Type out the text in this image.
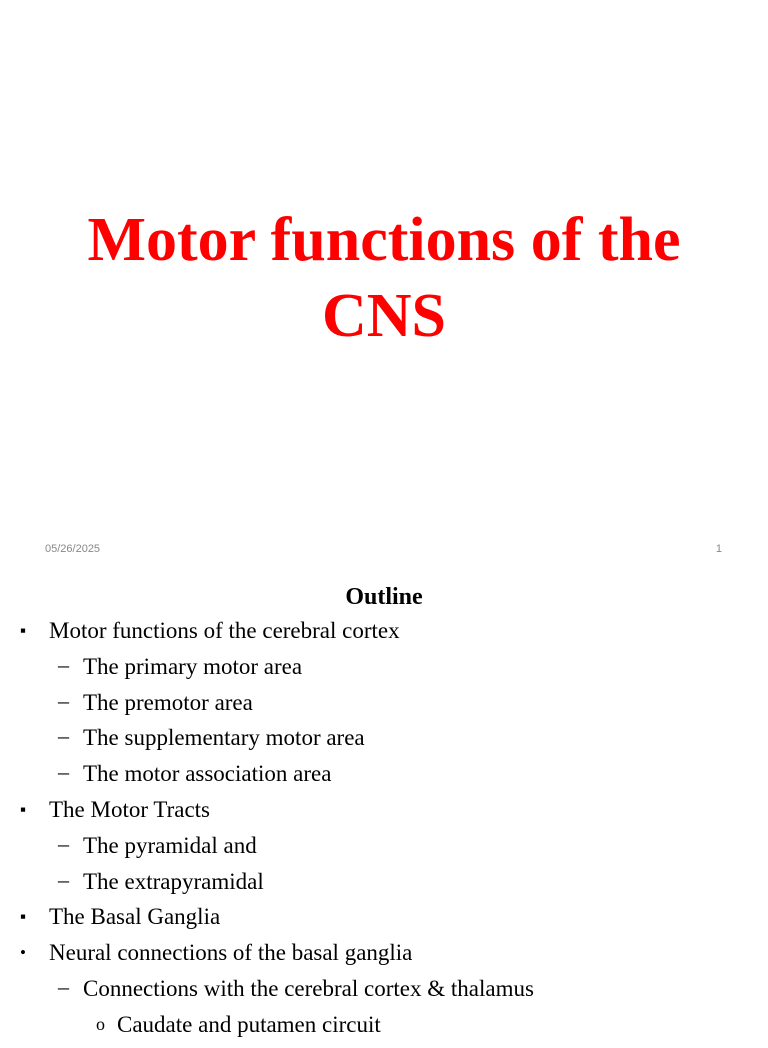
Motor functions of the
CNS
05/26/2025	1
Outline
▪ Motor functions of the cerebral cortex
– The primary motor area
– The premotor area
– The supplementary motor area
– The motor association area
▪ The Motor Tracts
– The pyramidal and
– The extrapyramidal
▪ The Basal Ganglia
• Neural connections of the basal ganglia
– Connections with the cerebral cortex & thalamus
o Caudate and putamen circuit
